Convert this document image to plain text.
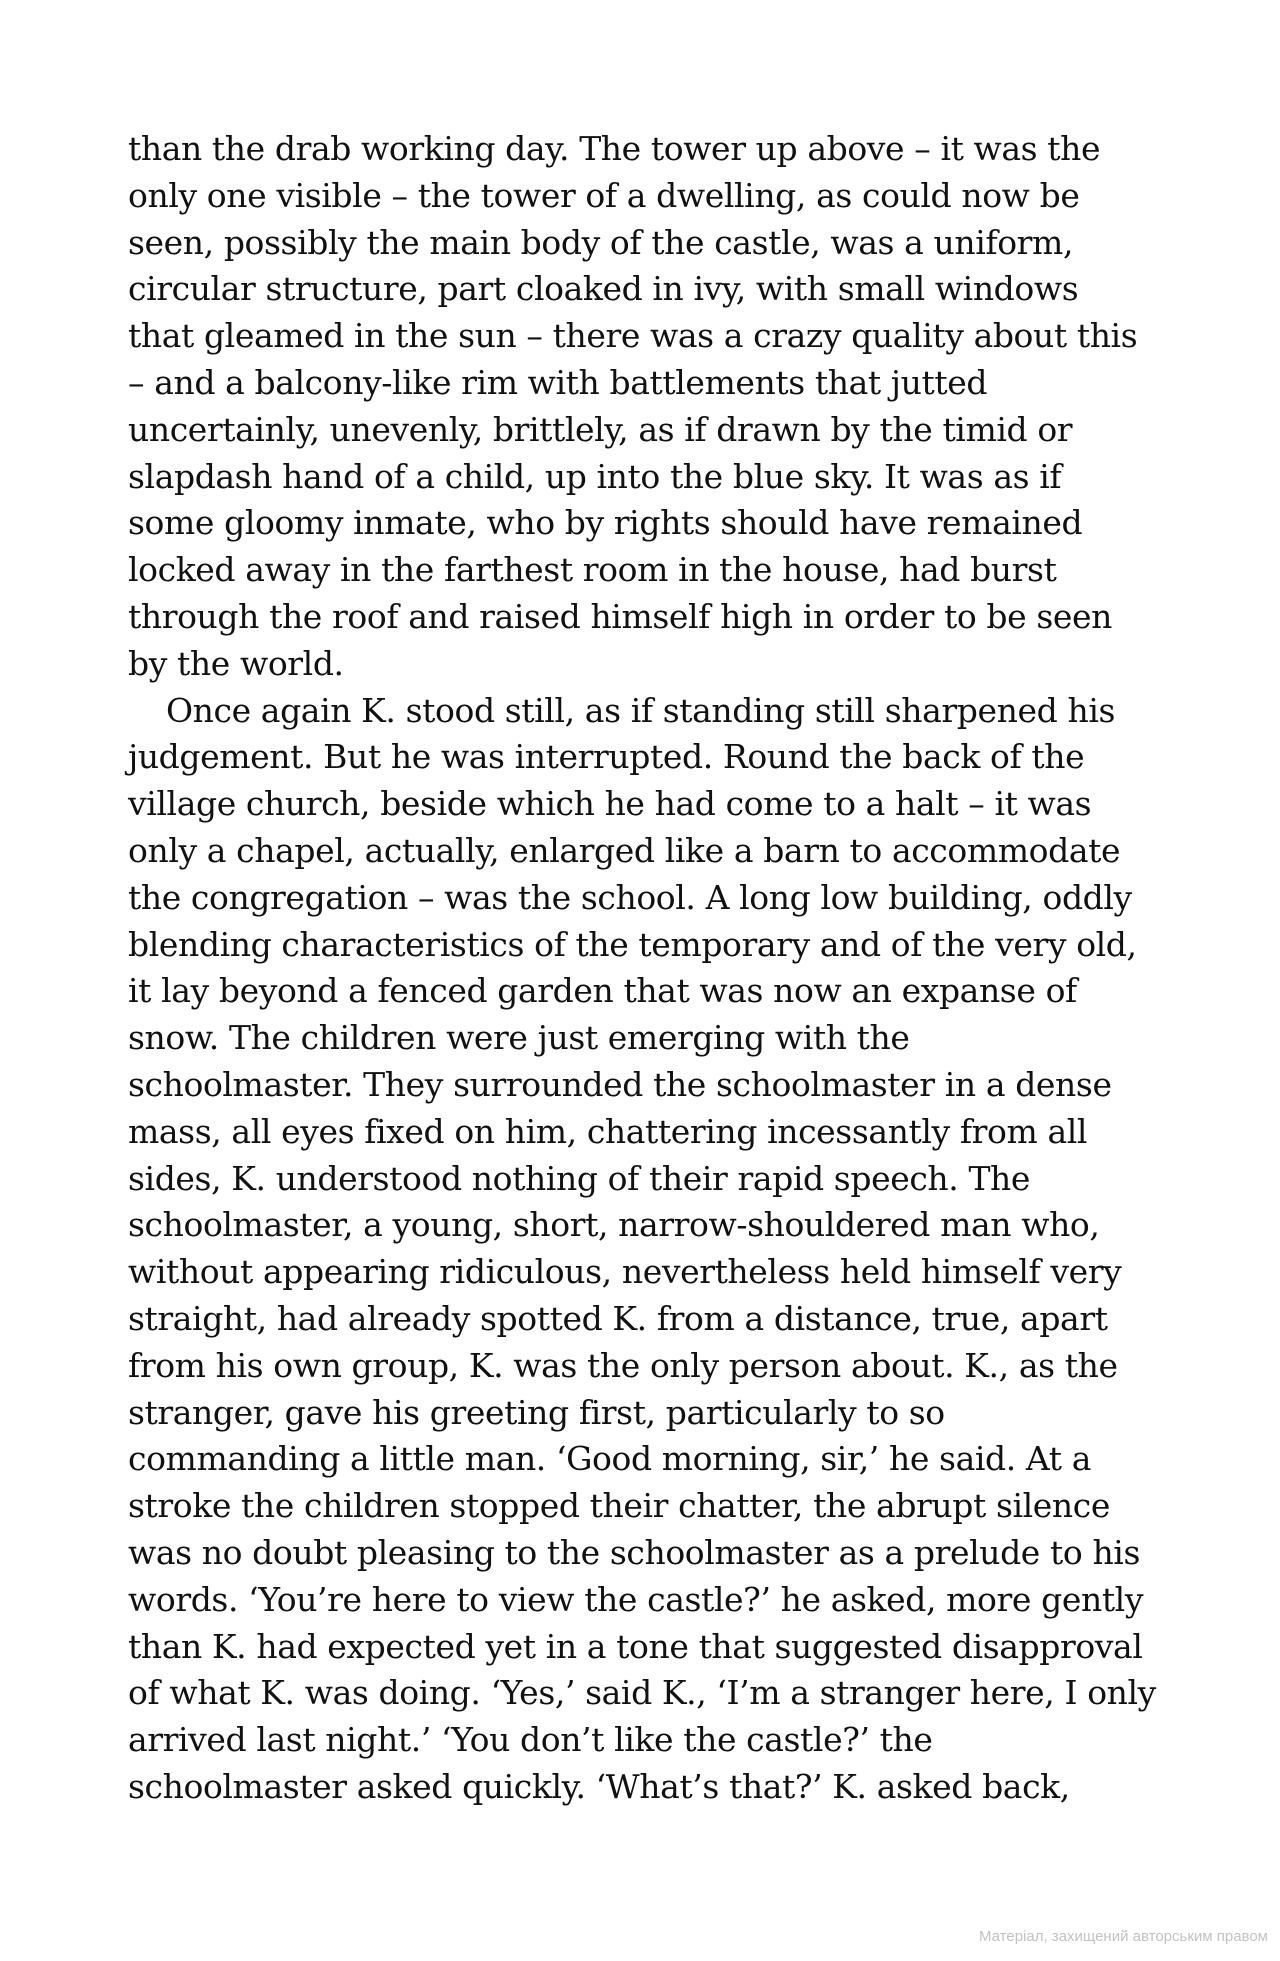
than the drab working day. The tower up above – it was the
only one visible – the tower of a dwelling, as could now be
seen, possibly the main body of the castle, was a uniform,
circular structure, part cloaked in ivy, with small windows
that gleamed in the sun – there was a crazy quality about this
– and a balcony-like rim with battlements that jutted
uncertainly, unevenly, brittlely, as if drawn by the timid or
slapdash hand of a child, up into the blue sky. It was as if
some gloomy inmate, who by rights should have remained
locked away in the farthest room in the house, had burst
through the roof and raised himself high in order to be seen
by the world.
Once again K. stood still, as if standing still sharpened his
judgement. But he was interrupted. Round the back of the
village church, beside which he had come to a halt – it was
only a chapel, actually, enlarged like a barn to accommodate
the congregation – was the school. A long low building, oddly
blending characteristics of the temporary and of the very old,
it lay beyond a fenced garden that was now an expanse of
snow. The children were just emerging with the
schoolmaster. They surrounded the schoolmaster in a dense
mass, all eyes fixed on him, chattering incessantly from all
sides, K. understood nothing of their rapid speech. The
schoolmaster, a young, short, narrow-shouldered man who,
without appearing ridiculous, nevertheless held himself very
straight, had already spotted K. from a distance, true, apart
from his own group, K. was the only person about. K., as the
stranger, gave his greeting first, particularly to so
commanding a little man. ‘Good morning, sir,’ he said. At a
stroke the children stopped their chatter, the abrupt silence
was no doubt pleasing to the schoolmaster as a prelude to his
words. ‘You’re here to view the castle?’ he asked, more gently
than K. had expected yet in a tone that suggested disapproval
of what K. was doing. ‘Yes,’ said K., ‘I’m a stranger here, I only
arrived last night.’ ‘You don’t like the castle?’ the
schoolmaster asked quickly. ‘What’s that?’ K. asked back,
Матеріал, захищений авторським правом
